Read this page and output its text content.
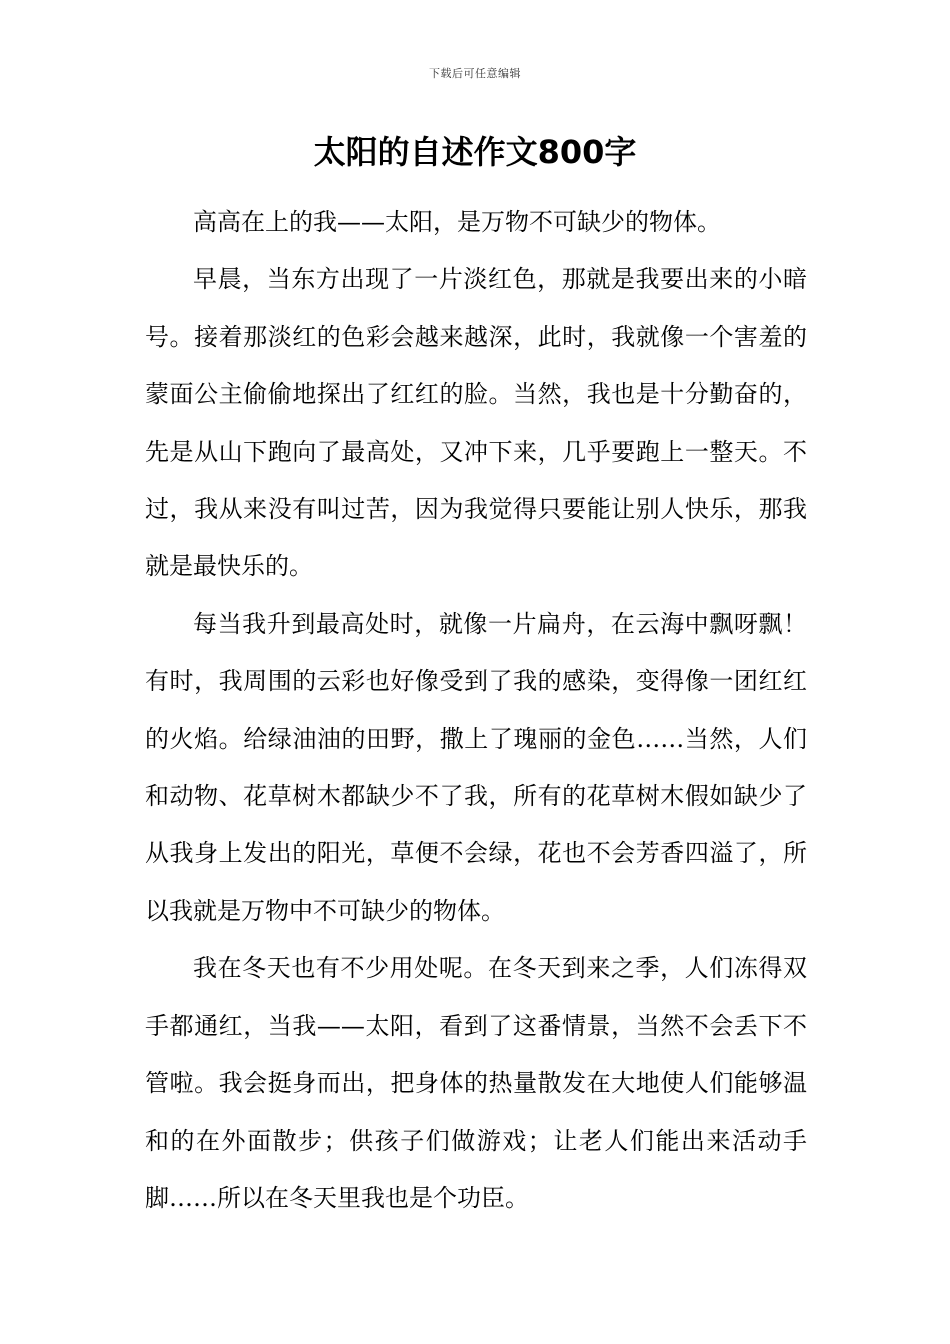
下载后可任意编辑
太阳的自述作文800字

高高在上的我——太阳，是万物不可缺少的物体。

早晨，当东方出现了一片淡红色，那就是我要出来的小暗号。接着那淡红的色彩会越来越深，此时，我就像一个害羞的蒙面公主偷偷地探出了红红的脸。当然，我也是十分勤奋的，先是从山下跑向了最高处，又冲下来，几乎要跑上一整天。不过，我从来没有叫过苦，因为我觉得只要能让别人快乐，那我就是最快乐的。

每当我升到最高处时，就像一片扁舟，在云海中飘呀飘！有时，我周围的云彩也好像受到了我的感染，变得像一团红红的火焰。给绿油油的田野，撒上了瑰丽的金色……当然，人们和动物、花草树木都缺少不了我，所有的花草树木假如缺少了从我身上发出的阳光，草便不会绿，花也不会芳香四溢了，所以我就是万物中不可缺少的物体。

我在冬天也有不少用处呢。在冬天到来之季，人们冻得双手都通红，当我——太阳，看到了这番情景，当然不会丢下不管啦。我会挺身而出，把身体的热量散发在大地使人们能够温和的在外面散步；供孩子们做游戏；让老人们能出来活动手脚……所以在冬天里我也是个功臣。
